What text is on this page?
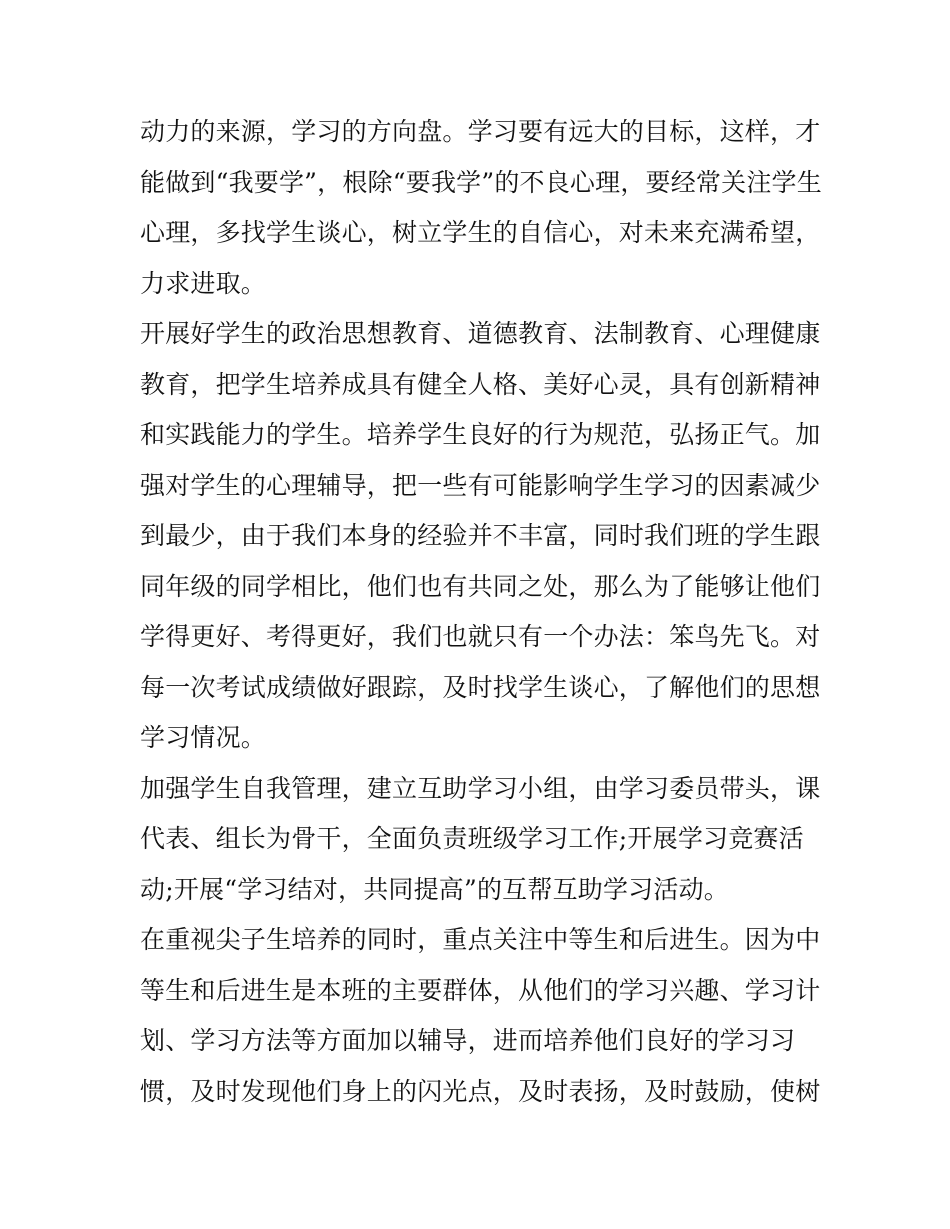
动力的来源，学习的方向盘。学习要有远大的目标，这样，才
能做到“我要学”，根除“要我学”的不良心理，要经常关注学生
心理，多找学生谈心，树立学生的自信心，对未来充满希望，
力求进取。
开展好学生的政治思想教育、道德教育、法制教育、心理健康
教育，把学生培养成具有健全人格、美好心灵，具有创新精神
和实践能力的学生。培养学生良好的行为规范，弘扬正气。加
强对学生的心理辅导，把一些有可能影响学生学习的因素减少
到最少，由于我们本身的经验并不丰富，同时我们班的学生跟
同年级的同学相比，他们也有共同之处，那么为了能够让他们
学得更好、考得更好，我们也就只有一个办法：笨鸟先飞。对
每一次考试成绩做好跟踪，及时找学生谈心，了解他们的思想
学习情况。
加强学生自我管理，建立互助学习小组，由学习委员带头，课
代表、组长为骨干，全面负责班级学习工作;开展学习竞赛活
动;开展“学习结对，共同提高”的互帮互助学习活动。
在重视尖子生培养的同时，重点关注中等生和后进生。因为中
等生和后进生是本班的主要群体，从他们的学习兴趣、学习计
划、学习方法等方面加以辅导，进而培养他们良好的学习习
惯，及时发现他们身上的闪光点，及时表扬，及时鼓励，使树
